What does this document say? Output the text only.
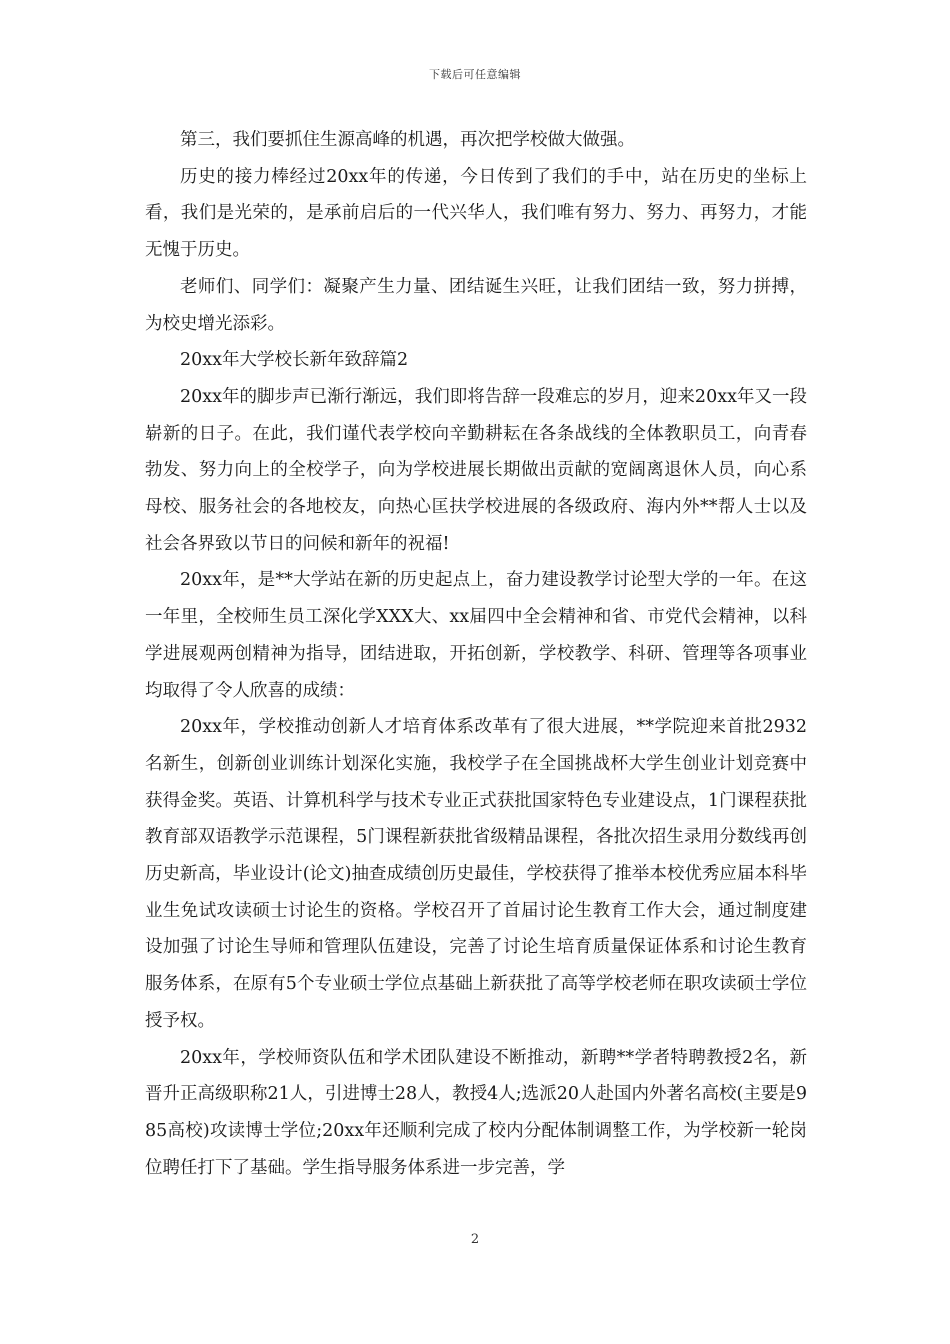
下载后可任意编辑

第三，我们要抓住生源高峰的机遇，再次把学校做大做强。

历史的接力棒经过20xx年的传递，今日传到了我们的手中，站在历史的坐标上看，我们是光荣的，是承前启后的一代兴华人，我们唯有努力、努力、再努力，才能无愧于历史。

老师们、同学们：凝聚产生力量、团结诞生兴旺，让我们团结一致，努力拼搏，为校史增光添彩。

20xx年大学校长新年致辞篇2

20xx年的脚步声已渐行渐远，我们即将告辞一段难忘的岁月，迎来20xx年又一段崭新的日子。在此，我们谨代表学校向辛勤耕耘在各条战线的全体教职员工，向青春勃发、努力向上的全校学子，向为学校进展长期做出贡献的宽阔离退休人员，向心系母校、服务社会的各地校友，向热心匡扶学校进展的各级政府、海内外**帮人士以及社会各界致以节日的问候和新年的祝福!

20xx年，是**大学站在新的历史起点上，奋力建设教学讨论型大学的一年。在这一年里，全校师生员工深化学XXX大、xx届四中全会精神和省、市党代会精神，以科学进展观两创精神为指导，团结进取，开拓创新，学校教学、科研、管理等各项事业均取得了令人欣喜的成绩：

20xx年，学校推动创新人才培育体系改革有了很大进展，**学院迎来首批2932名新生，创新创业训练计划深化实施，我校学子在全国挑战杯大学生创业计划竞赛中获得金奖。英语、计算机科学与技术专业正式获批国家特色专业建设点，1门课程获批教育部双语教学示范课程，5门课程新获批省级精品课程，各批次招生录用分数线再创历史新高，毕业设计(论文)抽查成绩创历史最佳，学校获得了推举本校优秀应届本科毕业生免试攻读硕士讨论生的资格。学校召开了首届讨论生教育工作大会，通过制度建设加强了讨论生导师和管理队伍建设，完善了讨论生培育质量保证体系和讨论生教育服务体系，在原有5个专业硕士学位点基础上新获批了高等学校老师在职攻读硕士学位授予权。

20xx年，学校师资队伍和学术团队建设不断推动，新聘**学者特聘教授2名，新晋升正高级职称21人，引进博士28人，教授4人;选派20人赴国内外著名高校(主要是985高校)攻读博士学位;20xx年还顺利完成了校内分配体制调整工作，为学校新一轮岗位聘任打下了基础。学生指导服务体系进一步完善，学

2
